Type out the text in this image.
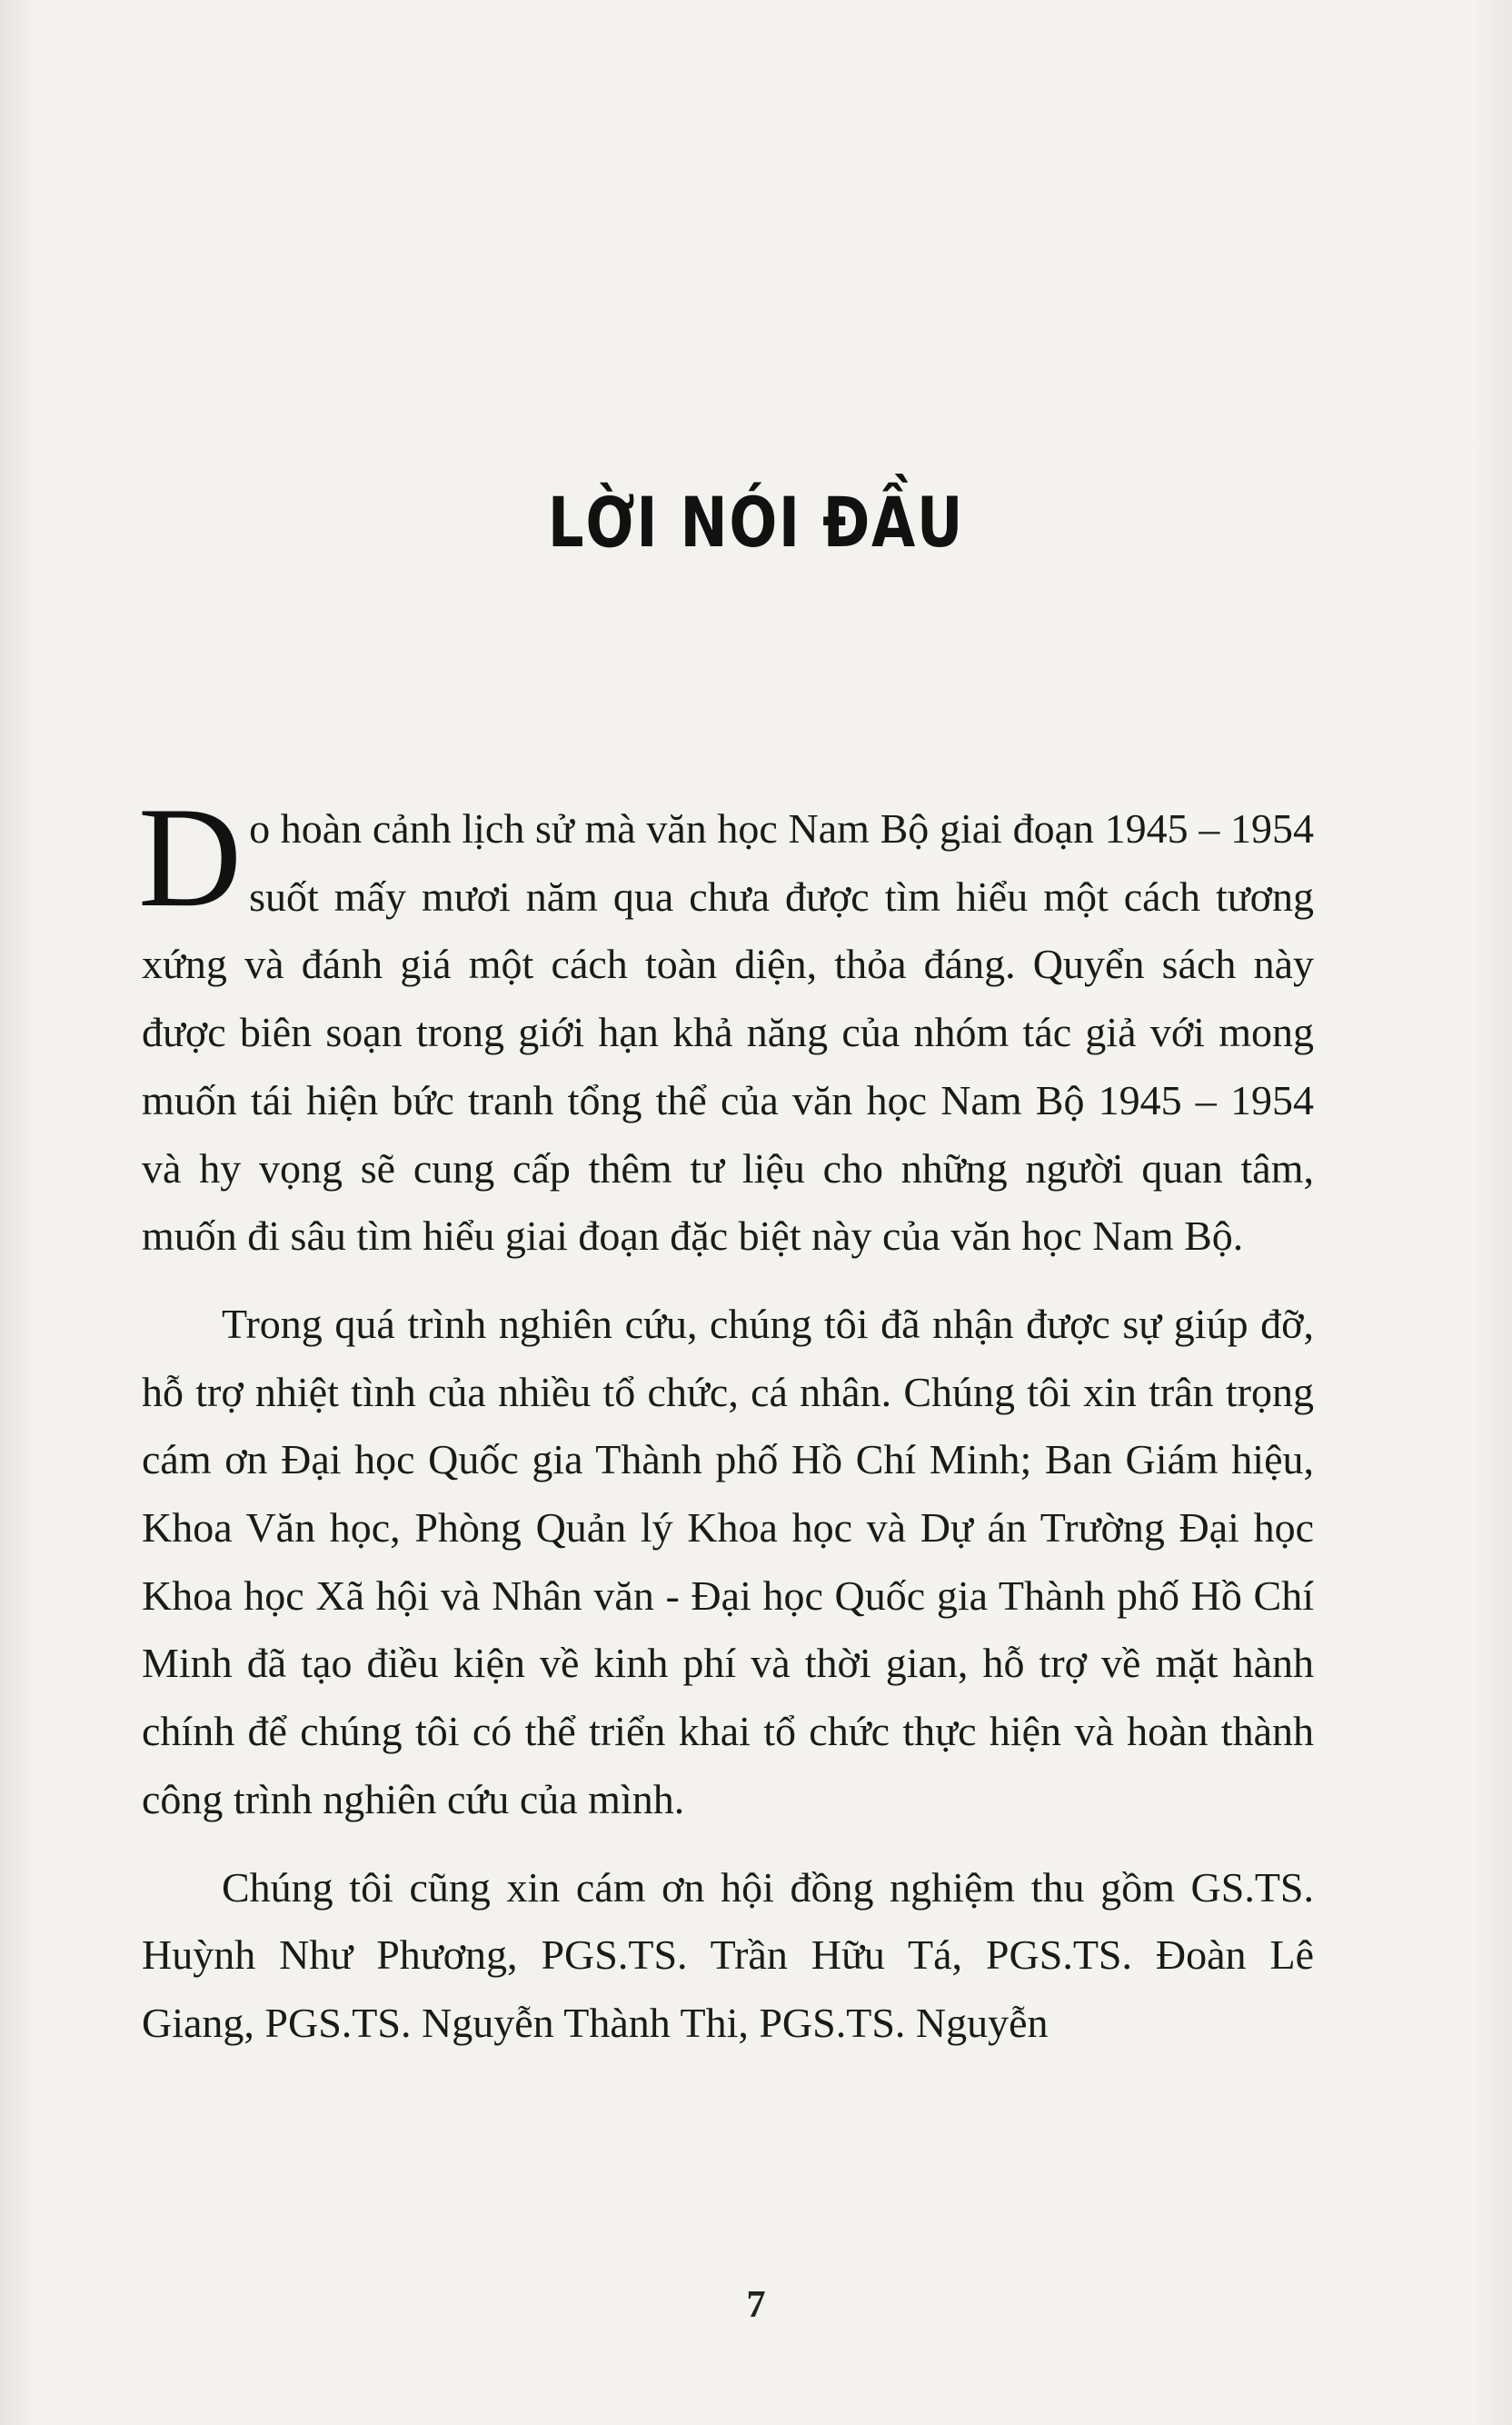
LỜI NÓI ĐẦU

Do hoàn cảnh lịch sử mà văn học Nam Bộ giai đoạn 1945 – 1954 suốt mấy mươi năm qua chưa được tìm hiểu một cách tương xứng và đánh giá một cách toàn diện, thỏa đáng. Quyển sách này được biên soạn trong giới hạn khả năng của nhóm tác giả với mong muốn tái hiện bức tranh tổng thể của văn học Nam Bộ 1945 – 1954 và hy vọng sẽ cung cấp thêm tư liệu cho những người quan tâm, muốn đi sâu tìm hiểu giai đoạn đặc biệt này của văn học Nam Bộ.

Trong quá trình nghiên cứu, chúng tôi đã nhận được sự giúp đỡ, hỗ trợ nhiệt tình của nhiều tổ chức, cá nhân. Chúng tôi xin trân trọng cám ơn Đại học Quốc gia Thành phố Hồ Chí Minh; Ban Giám hiệu, Khoa Văn học, Phòng Quản lý Khoa học và Dự án Trường Đại học Khoa học Xã hội và Nhân văn - Đại học Quốc gia Thành phố Hồ Chí Minh đã tạo điều kiện về kinh phí và thời gian, hỗ trợ về mặt hành chính để chúng tôi có thể triển khai tổ chức thực hiện và hoàn thành công trình nghiên cứu của mình.

Chúng tôi cũng xin cám ơn hội đồng nghiệm thu gồm GS.TS. Huỳnh Như Phương, PGS.TS. Trần Hữu Tá, PGS.TS. Đoàn Lê Giang, PGS.TS. Nguyễn Thành Thi, PGS.TS. Nguyễn

7
